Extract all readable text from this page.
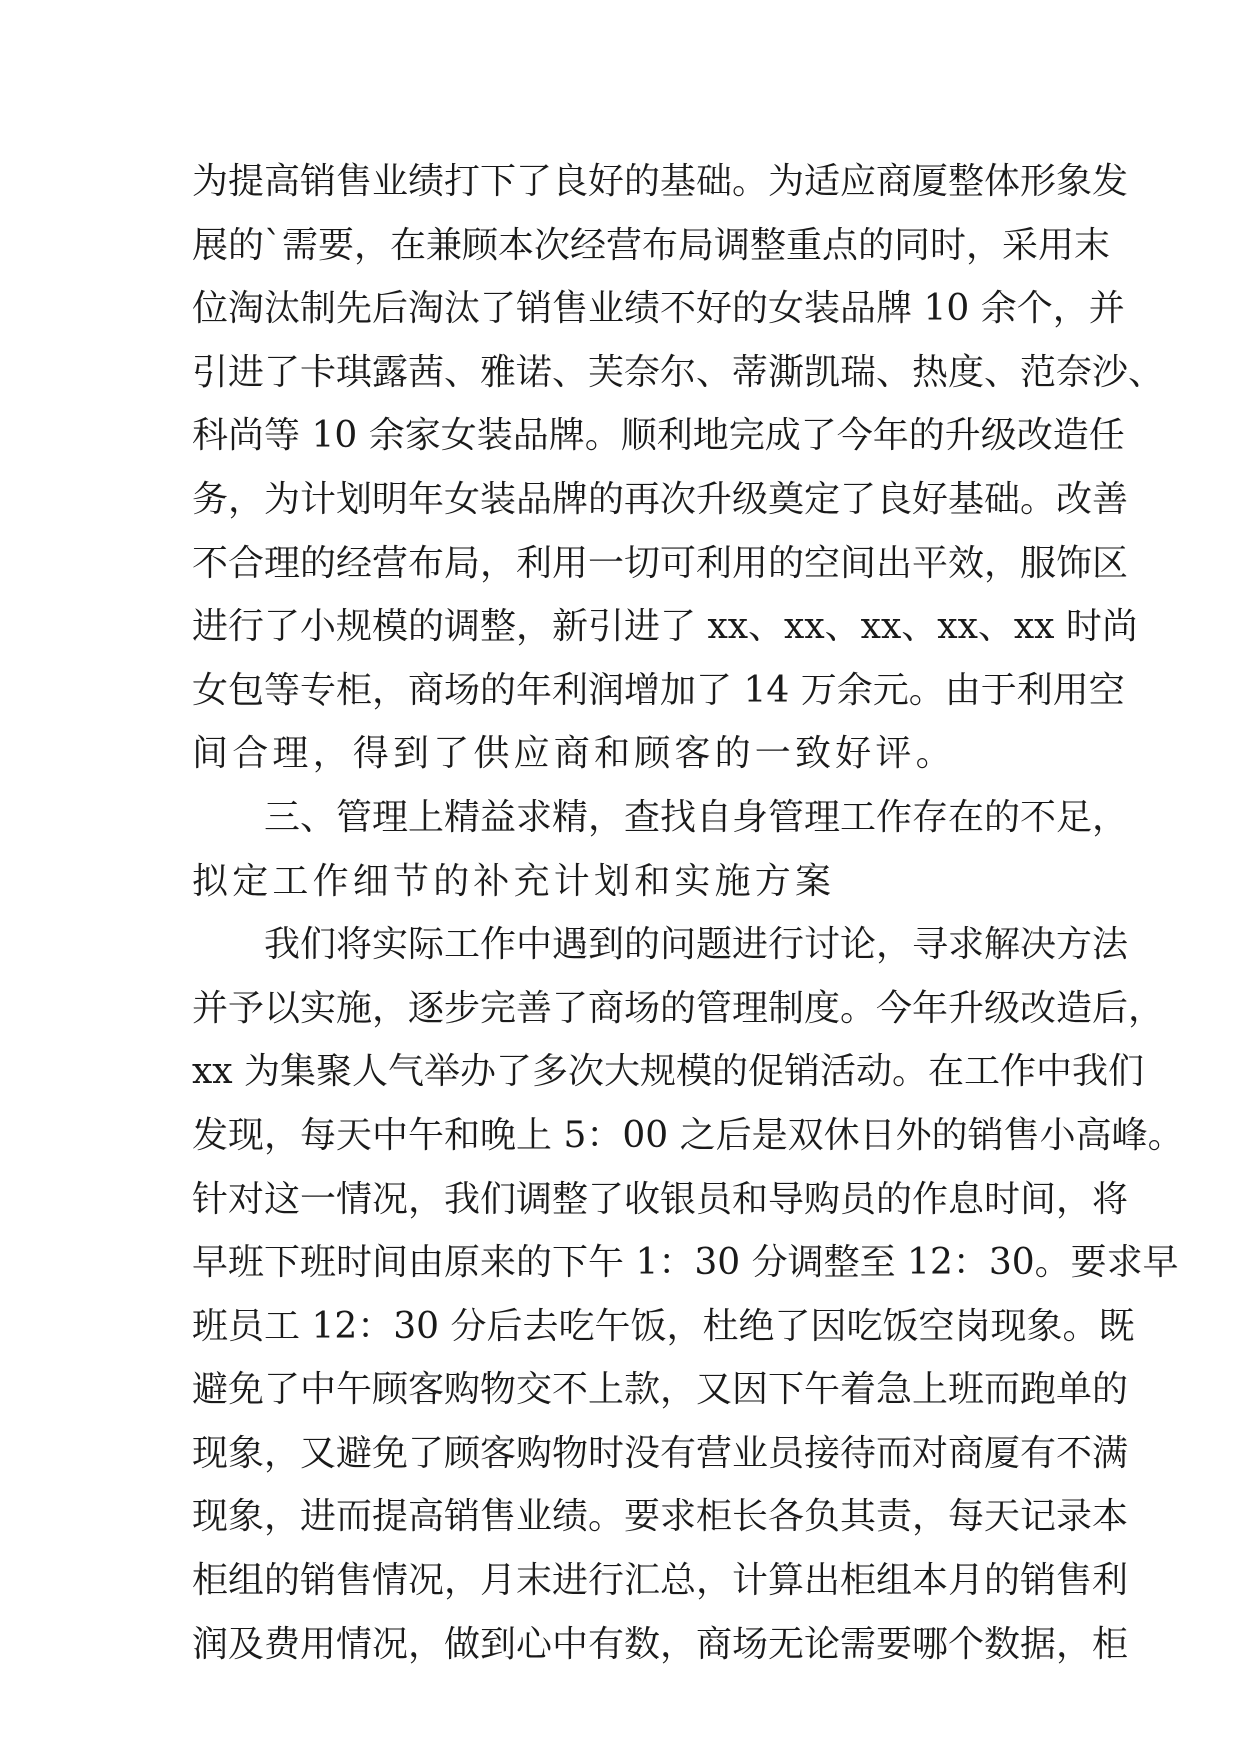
为提高销售业绩打下了良好的基础。为适应商厦整体形象发
展的`需要，在兼顾本次经营布局调整重点的同时，采用末
位淘汰制先后淘汰了销售业绩不好的女装品牌 10 余个，并
引进了卡琪露茜、雅诺、芙奈尔、蒂澌凯瑞、热度、范奈沙、
科尚等 10 余家女装品牌。顺利地完成了今年的升级改造任
务，为计划明年女装品牌的再次升级奠定了良好基础。改善
不合理的经营布局，利用一切可利用的空间出平效，服饰区
进行了小规模的调整，新引进了 xx、xx、xx、xx、xx 时尚
女包等专柜，商场的年利润增加了 14 万余元。由于利用空
间合理，得到了供应商和顾客的一致好评。
　　三、管理上精益求精，查找自身管理工作存在的不足，
拟定工作细节的补充计划和实施方案
　　我们将实际工作中遇到的问题进行讨论，寻求解决方法
并予以实施，逐步完善了商场的管理制度。今年升级改造后，
xx 为集聚人气举办了多次大规模的促销活动。在工作中我们
发现，每天中午和晚上 5：00 之后是双休日外的销售小高峰。
针对这一情况，我们调整了收银员和导购员的作息时间，将
早班下班时间由原来的下午 1：30 分调整至 12：30。要求早
班员工 12：30 分后去吃午饭，杜绝了因吃饭空岗现象。既
避免了中午顾客购物交不上款，又因下午着急上班而跑单的
现象，又避免了顾客购物时没有营业员接待而对商厦有不满
现象，进而提高销售业绩。要求柜长各负其责，每天记录本
柜组的销售情况，月末进行汇总，计算出柜组本月的销售利
润及费用情况，做到心中有数，商场无论需要哪个数据，柜
